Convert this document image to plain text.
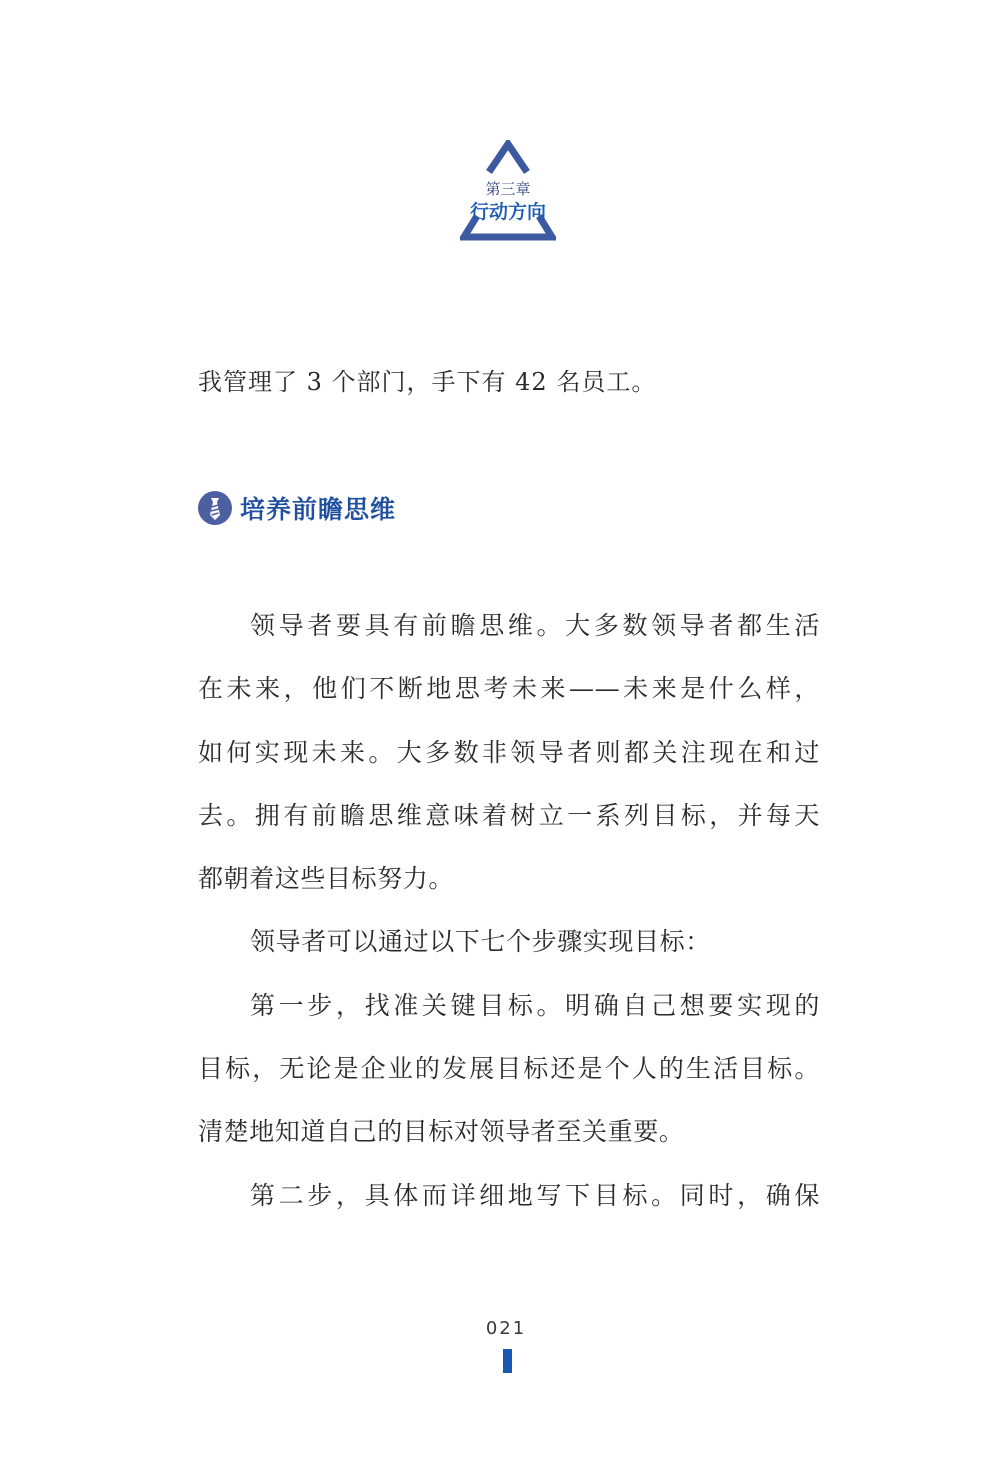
第三章
行动方向
我管理了 3 个部门，手下有 42 名员工。
培养前瞻思维
领导者要具有前瞻思维。大多数领导者都生活
在未来，他们不断地思考未来——未来是什么样，
如何实现未来。大多数非领导者则都关注现在和过
去。拥有前瞻思维意味着树立一系列目标，并每天
都朝着这些目标努力。
领导者可以通过以下七个步骤实现目标：
第一步，找准关键目标。明确自己想要实现的
目标，无论是企业的发展目标还是个人的生活目标。
清楚地知道自己的目标对领导者至关重要。
第二步，具体而详细地写下目标。同时，确保
021
